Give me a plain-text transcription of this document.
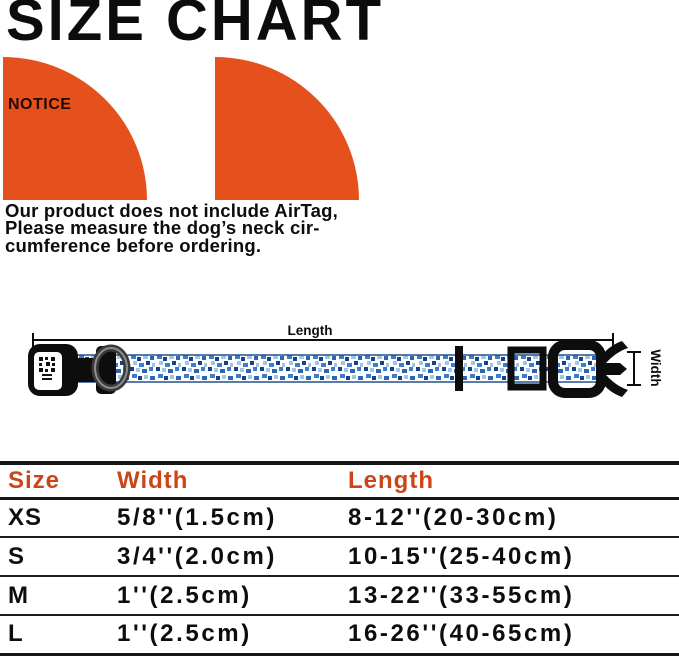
SIZE CHART
NOTICE
Our product does not include AirTag,
Please measure the dog’s neck cir-
cumference before ordering.
Length
Width
Size	Width	Length
XS	5/8''(1.5cm)	8-12''(20-30cm)
S	3/4''(2.0cm)	10-15''(25-40cm)
M	1''(2.5cm)	13-22''(33-55cm)
L	1''(2.5cm)	16-26''(40-65cm)
